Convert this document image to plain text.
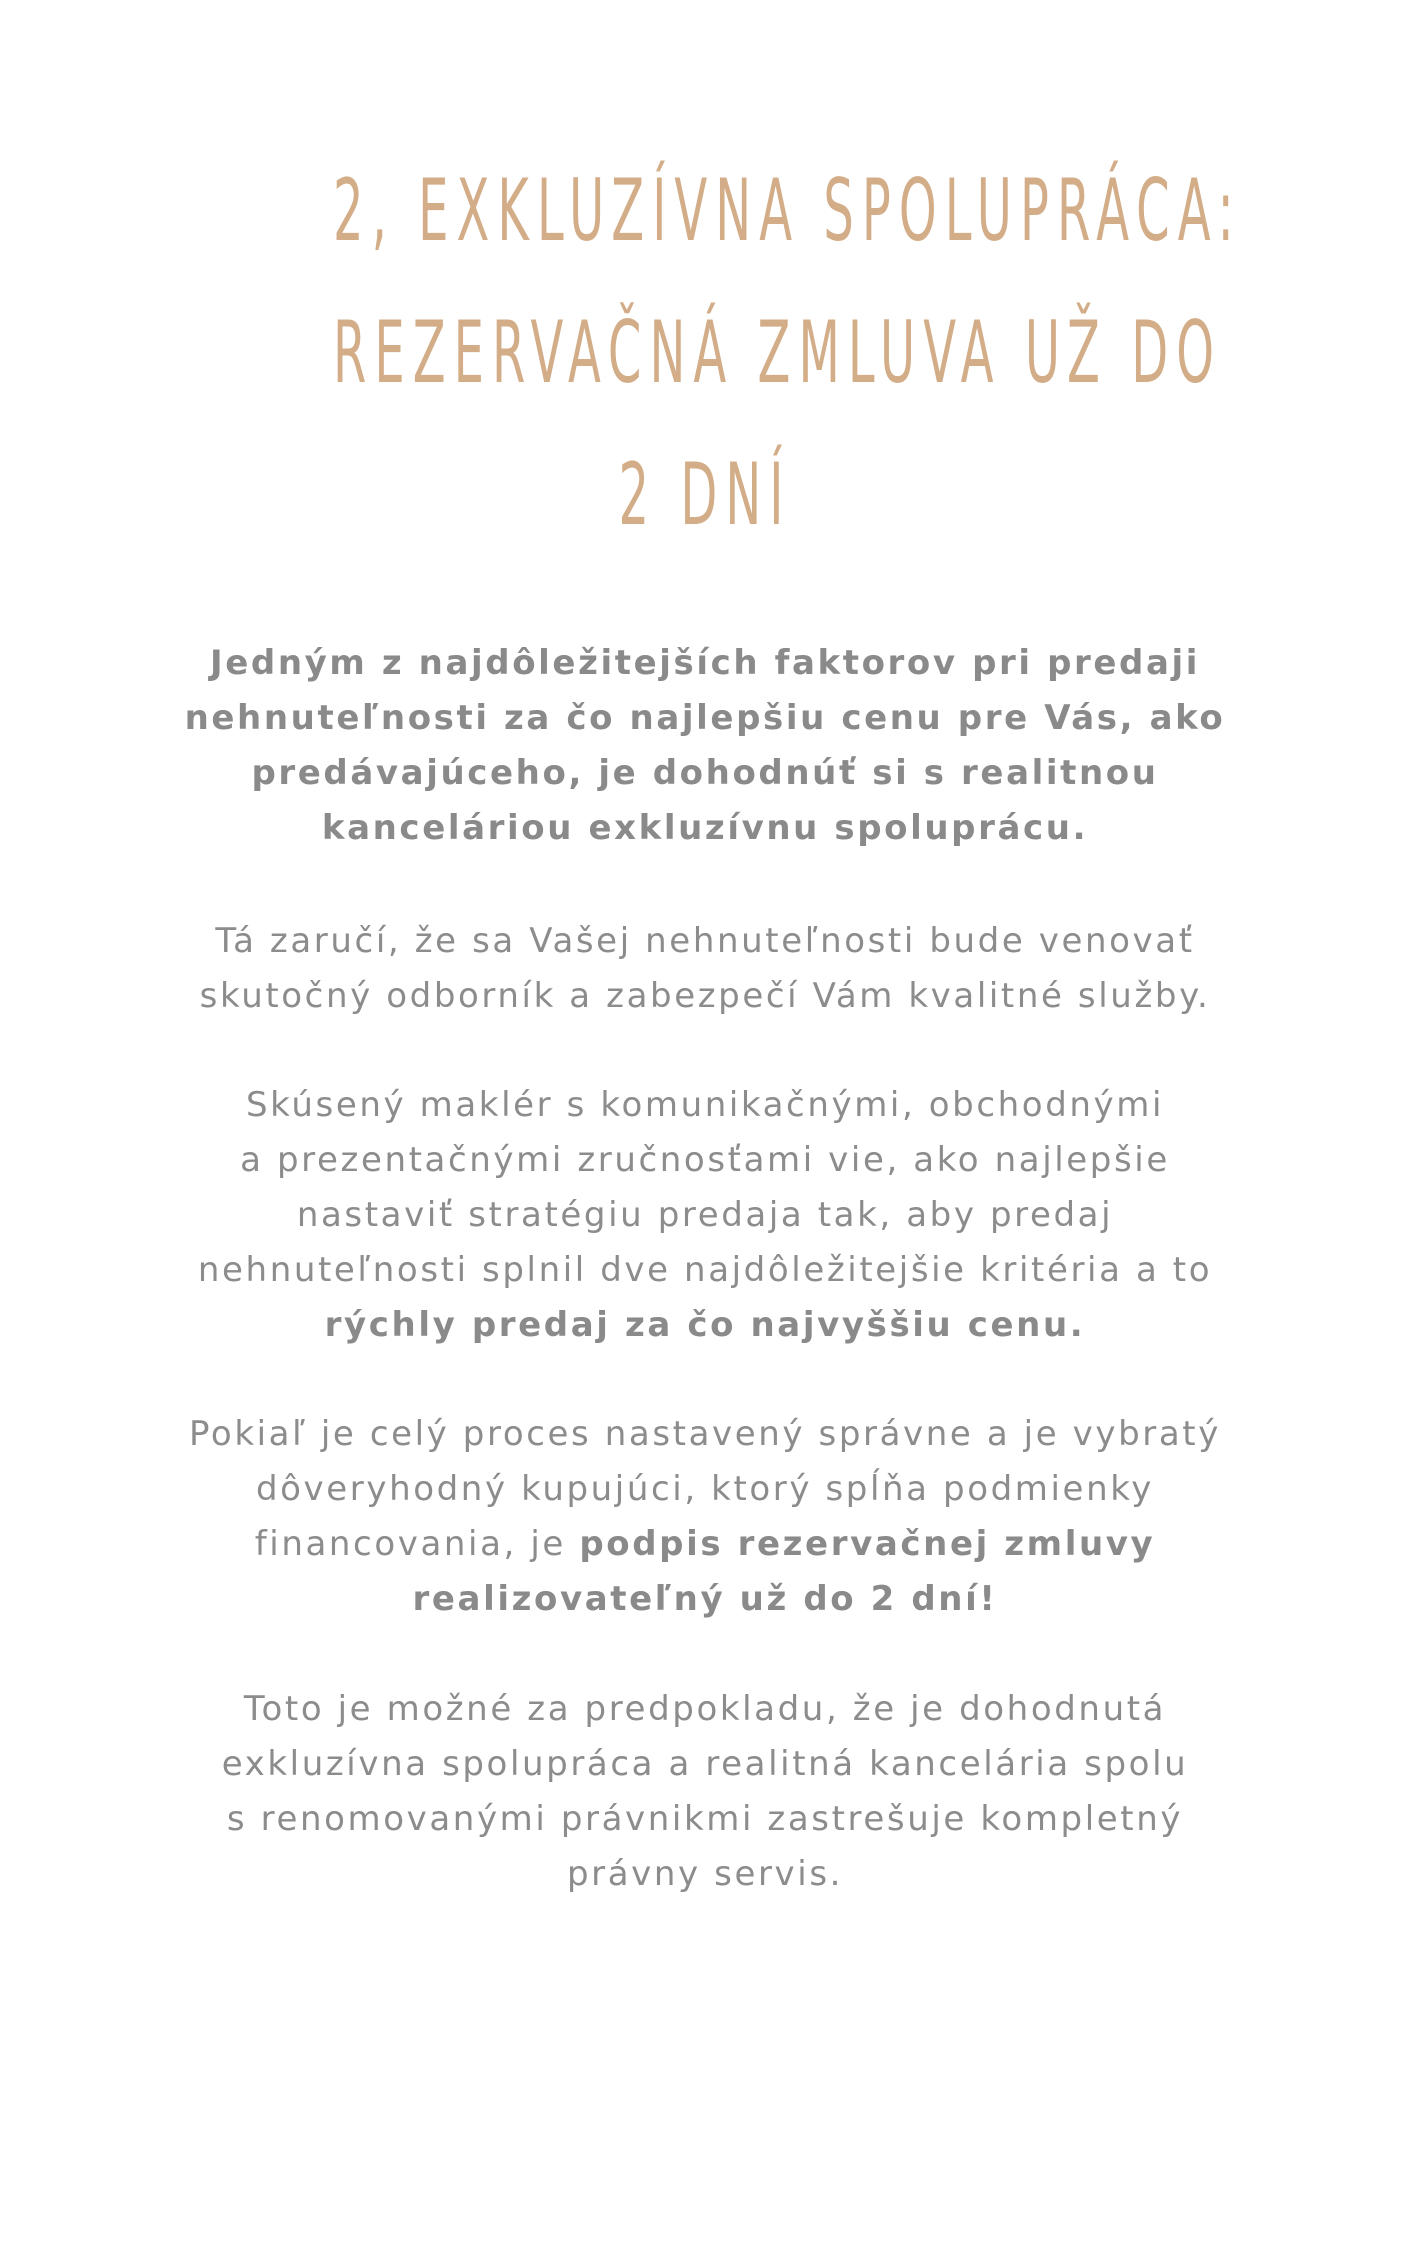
2, EXKLUZÍVNA SPOLUPRÁCA:
REZERVAČNÁ ZMLUVA UŽ DO
2 DNÍ
Jedným z najdôležitejších faktorov pri predaji
nehnuteľnosti za čo najlepšiu cenu pre Vás, ako
predávajúceho, je dohodnúť si s realitnou
kanceláriou exkluzívnu spoluprácu.
Tá zaručí, že sa Vašej nehnuteľnosti bude venovať
skutočný odborník a zabezpečí Vám kvalitné služby.
Skúsený maklér s komunikačnými, obchodnými
a prezentačnými zručnosťami vie, ako najlepšie
nastaviť stratégiu predaja tak, aby predaj
nehnuteľnosti splnil dve najdôležitejšie kritéria a to
rýchly predaj za čo najvyššiu cenu.
Pokiaľ je celý proces nastavený správne a je vybratý
dôveryhodný kupujúci, ktorý spĺňa podmienky
financovania, je podpis rezervačnej zmluvy
realizovateľný už do 2 dní!
Toto je možné za predpokladu, že je dohodnutá
exkluzívna spolupráca a realitná kancelária spolu
s renomovanými právnikmi zastrešuje kompletný
právny servis.
